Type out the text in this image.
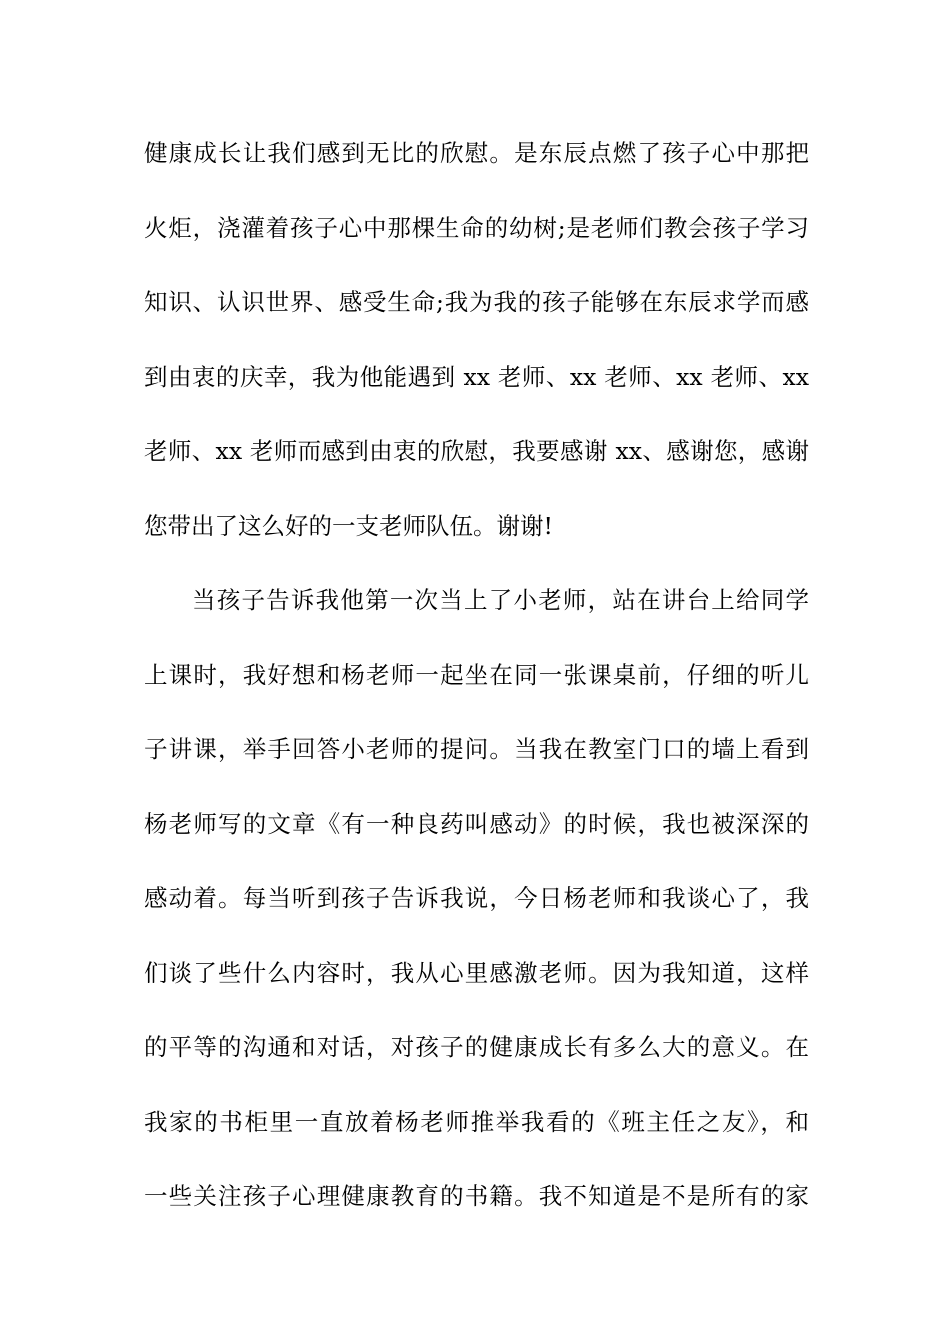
健康成长让我们感到无比的欣慰。是东辰点燃了孩子心中那把
火炬，浇灌着孩子心中那棵生命的幼树;是老师们教会孩子学习
知识、认识世界、感受生命;我为我的孩子能够在东辰求学而感
到由衷的庆幸，我为他能遇到 xx 老师、xx 老师、xx 老师、xx
老师、xx 老师而感到由衷的欣慰，我要感谢 xx、感谢您，感谢
您带出了这么好的一支老师队伍。谢谢!
当孩子告诉我他第一次当上了小老师，站在讲台上给同学
上课时，我好想和杨老师一起坐在同一张课桌前，仔细的听儿
子讲课，举手回答小老师的提问。当我在教室门口的墙上看到
杨老师写的文章《有一种良药叫感动》的时候，我也被深深的
感动着。每当听到孩子告诉我说，今日杨老师和我谈心了，我
们谈了些什么内容时，我从心里感激老师。因为我知道，这样
的平等的沟通和对话，对孩子的健康成长有多么大的意义。在
我家的书柜里一直放着杨老师推举我看的《班主任之友》，和
一些关注孩子心理健康教育的书籍。我不知道是不是所有的家
